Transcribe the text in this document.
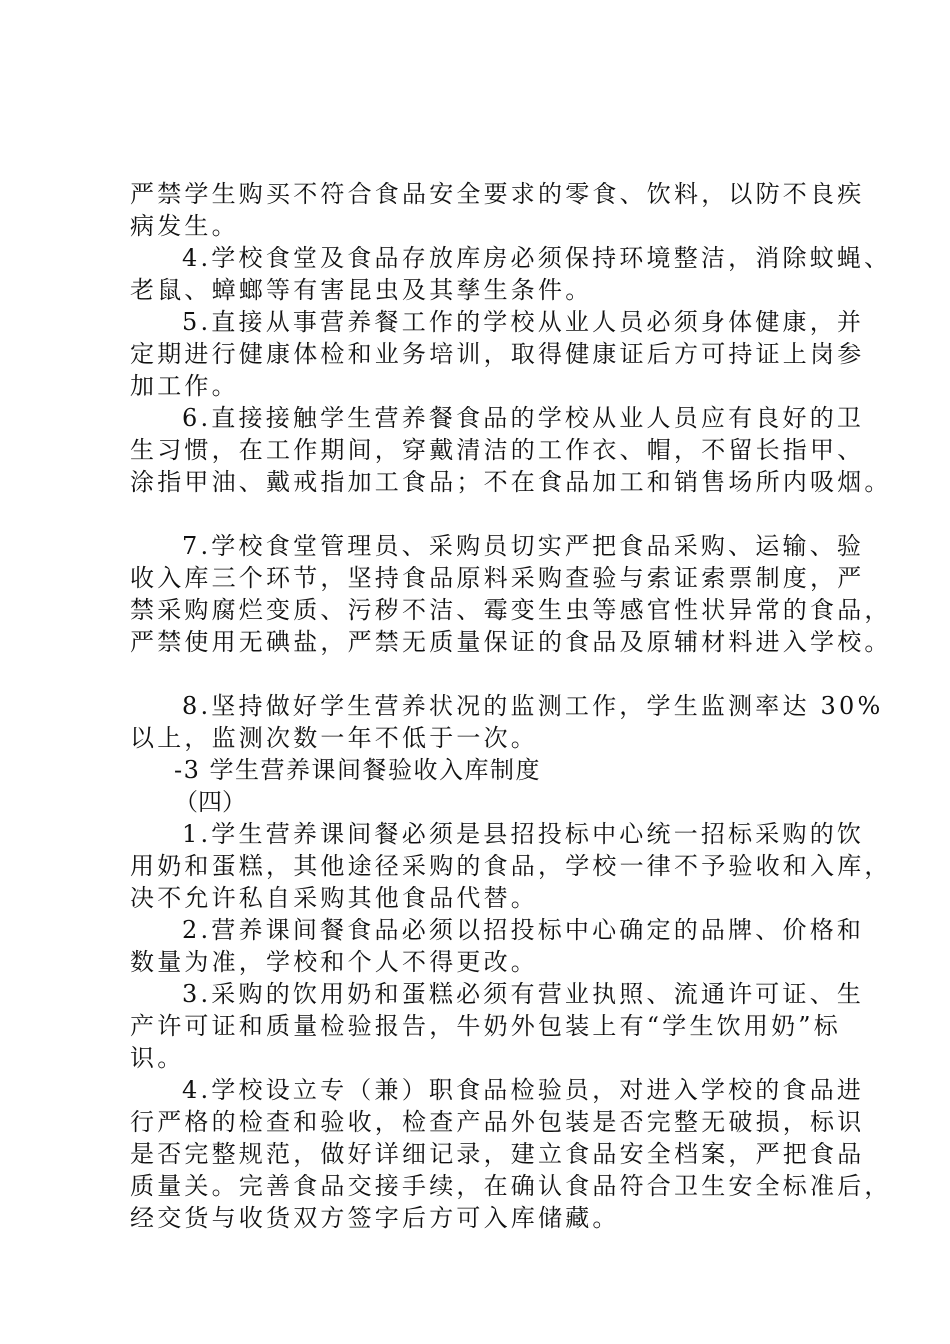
严禁学生购买不符合食品安全要求的零食、饮料，以防不良疾
病发生。
4.学校食堂及食品存放库房必须保持环境整洁，消除蚊蝇、
老鼠、蟑螂等有害昆虫及其孳生条件。
5.直接从事营养餐工作的学校从业人员必须身体健康，并
定期进行健康体检和业务培训，取得健康证后方可持证上岗参
加工作。
6.直接接触学生营养餐食品的学校从业人员应有良好的卫
生习惯，在工作期间，穿戴清洁的工作衣、帽，不留长指甲、
涂指甲油、戴戒指加工食品；不在食品加工和销售场所内吸烟。
7.学校食堂管理员、采购员切实严把食品采购、运输、验
收入库三个环节，坚持食品原料采购查验与索证索票制度，严
禁采购腐烂变质、污秽不洁、霉变生虫等感官性状异常的食品，
严禁使用无碘盐，严禁无质量保证的食品及原辅材料进入学校。
8.坚持做好学生营养状况的监测工作，学生监测率达 30%
以上，监测次数一年不低于一次。
-3 学生营养课间餐验收入库制度
（四）
1.学生营养课间餐必须是县招投标中心统一招标采购的饮
用奶和蛋糕，其他途径采购的食品，学校一律不予验收和入库，
决不允许私自采购其他食品代替。
2.营养课间餐食品必须以招投标中心确定的品牌、价格和
数量为准，学校和个人不得更改。
3.采购的饮用奶和蛋糕必须有营业执照、流通许可证、生
产许可证和质量检验报告，牛奶外包装上有“学生饮用奶”标
识。
4.学校设立专（兼）职食品检验员，对进入学校的食品进
行严格的检查和验收，检查产品外包装是否完整无破损，标识
是否完整规范，做好详细记录，建立食品安全档案，严把食品
质量关。完善食品交接手续，在确认食品符合卫生安全标准后，
经交货与收货双方签字后方可入库储藏。
